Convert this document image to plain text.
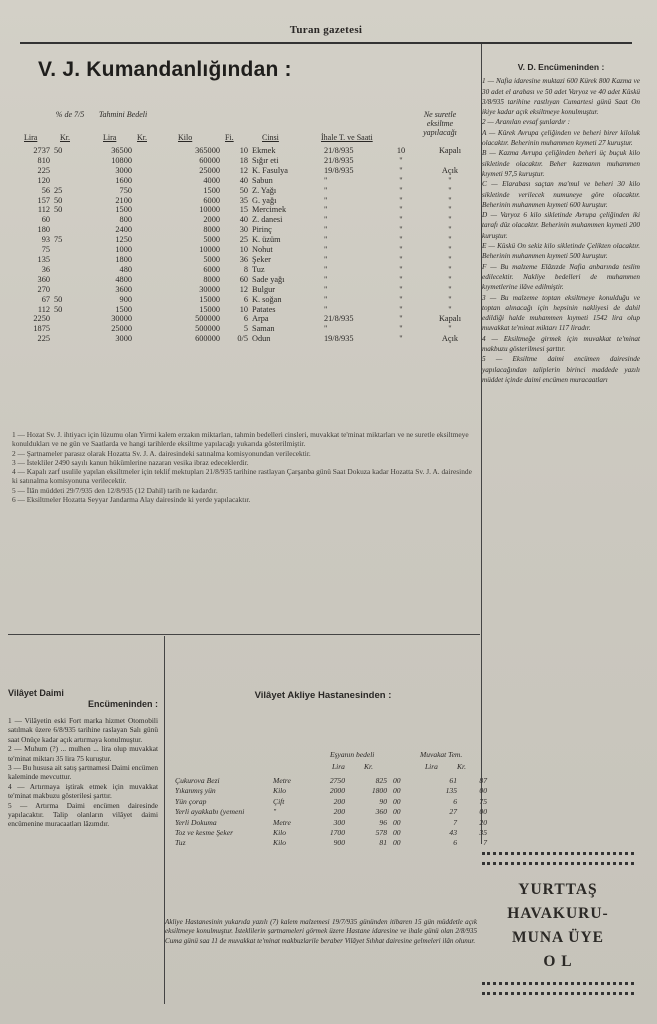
Turan gazetesi
V. J. Kumandanlığından :
% de 7/5	Tahmini Bedeli	Ne suretle eksiltme yapılacağı
Lira	Kr.	Lira	Kr.	Kilo	Fi.	Cinsi	İhale T. ve Saati
2737	50	36500		365000	10	Ekmek	21/8/935	10	Kapalı
810		10800		60000	18	Sığır eti	21/8/935	"	
225		3000		25000	12	K. Fasulya	19/8/935	"	Açık
120		1600		4000	40	Sabun	"	"	"
56	25	750		1500	50	Z. Yağı	"	"	"
157	50	2100		6000	35	G. yağı	"	"	"
112	50	1500		10000	15	Mercimek	"	"	"
60		800		2000	40	Z. danesi	"	"	"
180		2400		8000	30	Pirinç	"	"	"
93	75	1250		5000	25	K. üzüm	"	"	"
75		1000		10000	10	Nohut	"	"	"
135		1800		5000	36	Şeker	"	"	"
36		480		6000	8	Tuz	"	"	"
360		4800		8000	60	Sade yağı	"	"	"
270		3600		30000	12	Bulgur	"	"	"
67	50	900		15000	6	K. soğan	"	"	"
112	50	1500		15000	10	Patates	"	"	"
2250		30000		500000	6	Arpa	21/8/935	"	Kapalı
1875		25000		500000	5	Saman	"	"	"
225		3000		600000	0/5	Odun	19/8/935	"	Açık

1 — Hozat Sv. J. ihtiyacı için lüzumu olan Yirmi kalem erzakın miktarları, tahmin bedelleri cinsleri, muvakkat te'minat miktarları ve ne suretle eksiltmeye konuldukları ve ne gün ve Saatlarda ve hangi tarihlerde eksiltme yapılacağı yukarıda gösterilmiştir.

2 — Şartnameler parasız olarak Hozatta Sv. J. A. dairesindeki satınalma komisyonundan verilecektir.

3 — İstekliler 2490 sayılı kanun hükümlerine nazaran vesika ibraz edeceklerdir.

4 — Kapalı zarf usulile yapılan eksiltmeler için teklif mektupları 21/8/935 tarihine rastlayan Çarşanba günü Saat Dokuza kadar Hozatta Sv. J. A. dairesinde ki satınalma komisyonuna verilecektir.

5 — İlân müddeti 29/7/935 den 12/8/935 (12 Dahil) tarih ne kadardır.

6 — Eksiltmeler Hozatta Seyyar Jandarma Alay dairesinde ki yerde yapılacaktır.

V. D. Encümeninden :

1 — Nafia idaresine muktazi 600 Kürek 800 Kazma ve 30 adet el arabası ve 50 adet Varyoz ve 40 adet Küskü 3/8/935 tarihine rastlıyan Cumartesi günü Saat On ikiye kadar açık eksiltmeye konulmuştur.

2 — Aranılan evsaf şunlardır :

A — Kürek Avrupa çeliğinden ve beheri birer kiloluk olacaktır. Beherinin muhammen kıymeti 27 kuruştur.

B — Kazma Avrupa çeliğinden beheri üç buçuk kilo sikletinde olacaktır. Beher kazmanın muhammen kıymeti 97,5 kuruştur.

C — Elarabası saçtan ma'mul ve beheri 30 kilo sikletinde verilecek numuneye göre olacaktır. Beherinin muhammen kıymeti 600 kuruştur.

D — Varyoz 6 kilo sikletinde Avrupa çeliğinden iki tarafı düz olacaktır. Beherinin muhammen kıymeti 200 kuruştur.

E — Küskü On sekiz kilo sikletinde Çelikten olacaktır. Beherinin muhammen kıymeti 500 kuruştur.

F — Bu malzeme Elâzızde Nafia anbarında teslim edilecektir. Nakliye bedelleri de muhammen kıymetlerine ilâve edilmiştir.

3 — Bu malzeme toptan eksiltmeye konulduğu ve toptan alınacağı için hepsinin nakliyesi de dahil edildiği halde muhammen kıymeti 1542 lira olup muvakkat te'minat miktarı 117 liradır.

4 — Eksiltmeğe girmek için muvakkat te'minat makbuzu gösterilmesi şarttır.

5 — Eksiltme daimi encümen dairesinde yapılacağından taliplerin birinci maddede yazılı müddet içinde daimi encümen muracaatları

Vilâyet Daimi
Encümeninden :

1 — Vilâyetin eski Fort marka hizmet Otomobili satılmak üzere 6/8/935 tarihine raslayan Salı günü saat Onüçe kadar açık artırmaya konulmuştur.

2 — Muhum (?) ... mulhen ... lira olup muvakkat te'minat miktarı 35 lira 75 kuruştur.

3 — Bu hususa ait satış şartnamesi Daimi encümen kaleminde mevcuttur.

4 — Artırmaya iştirak etmek için muvakkat te'minat makbuzu gösterilesi şarttır.

5 — Artırma Daimi encümen dairesinde yapılacaktır. Talip olanların vilâyet daimi encümenine muracaatları lâzımdır.

Vilâyet Akliye Hastanesinden :
Eşyanın bedeli	Muvakat Tem.
Lira	Kr.	Lira	Kr.
Çukurova Bezi	Metre	2750	825	00	61	87
Yıkanmış yün	Kilo	2000	1800	00	135	00
Yün çorap	Çift	200	90	00	6	75
Yerli ayakkabı (yemeni	"	200	360	00	27	00
Yerli Dokuma	Metre	300	96	00	7	20
Toz ve kesme Şeker	Kilo	1700	578	00	43	35
Tuz	Kilo	900	81	00	6	7
Akliye Hastanesinin yukarıda yazılı (7) kalem malzemesi 19/7/935 gününden itibaren 15 gün müddetle açık eksiltmeye konulmuştur. İsteklilerin şartnameleri görmek üzere Hastane idaresine ve ihale günü olan 2/8/935 Cuma günü saa 11 de muvakkat te'minat makbuzlarile beraber Vilâyet Sıhhat dairesine gelmeleri ilân olunur.
YURTTAŞ
HAVAKURU-
MUNA ÜYE
O L
